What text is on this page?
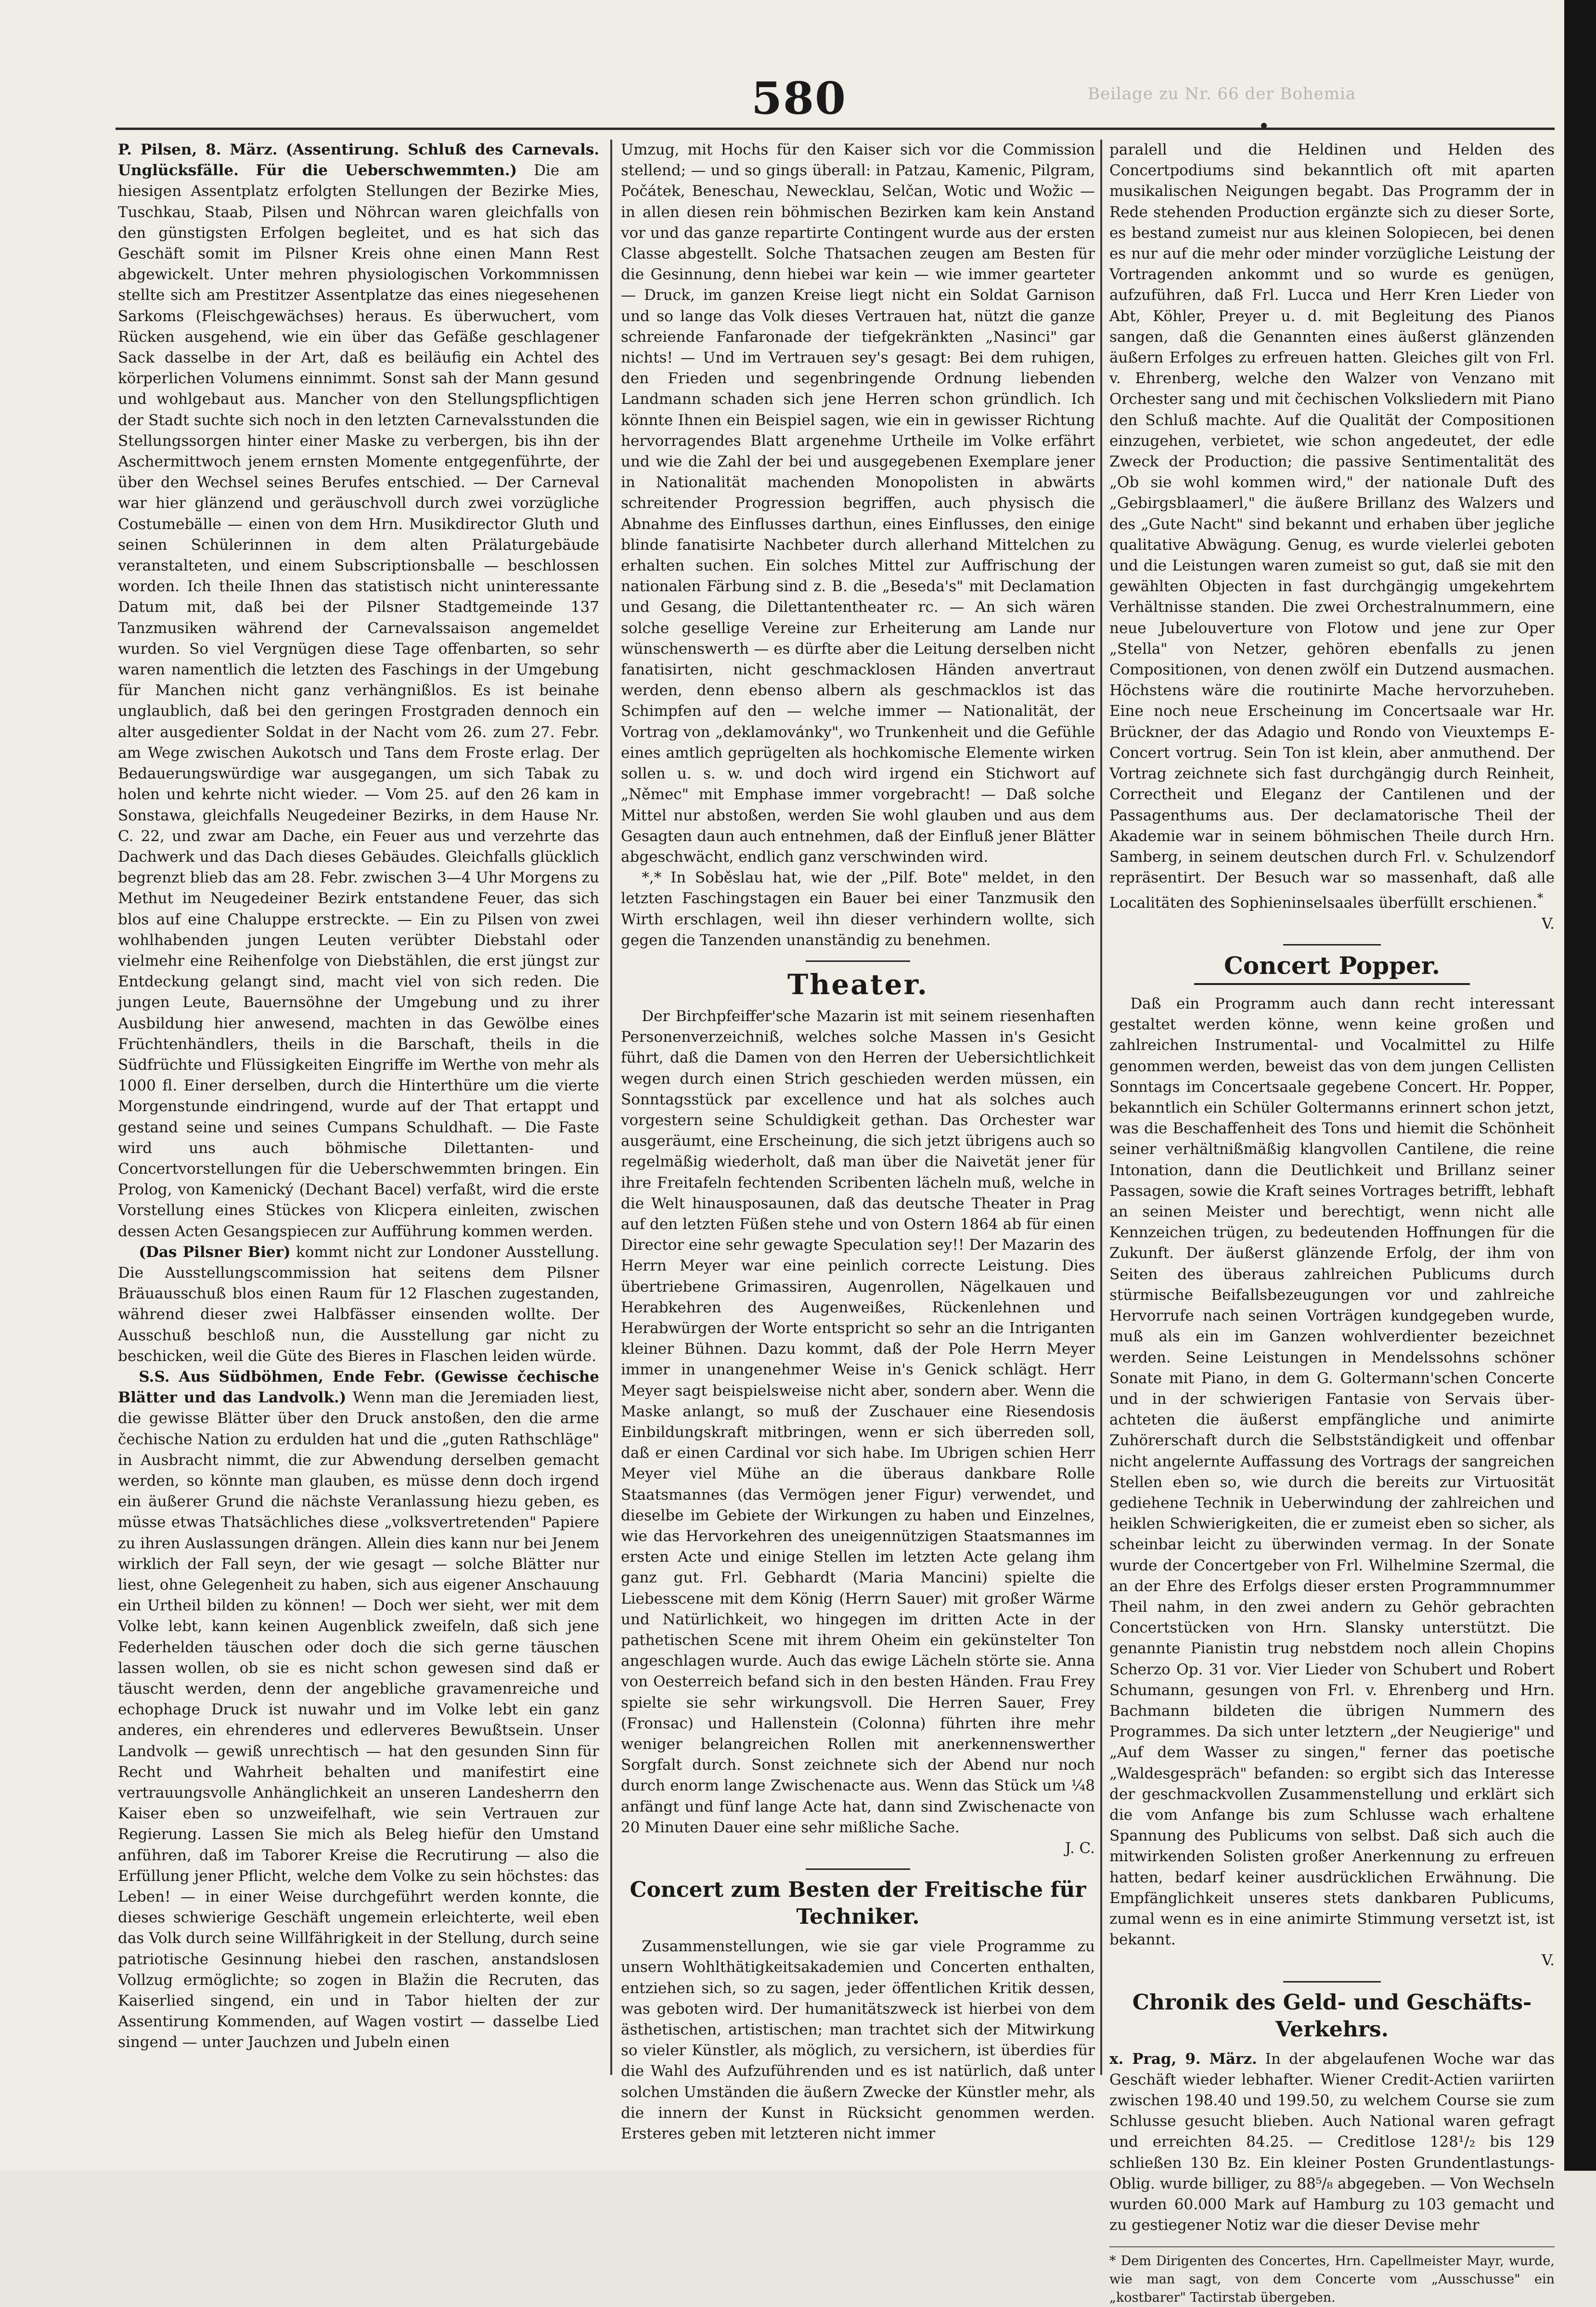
Beilage zu Nr. 66 der Bohemia
580

P. Pilsen, 8. März. (Assentirung. Schluß des Carnevals. Unglücksfälle. Für die Ueberschwemmten.) Die am hiesigen Assentplatz erfolgten Stellungen der Bezirke Mies, Tuschkau, Staab, Pilsen und Nöhrcan waren gleichfalls von den günstigsten Erfolgen begleitet, und es hat sich das Geschäft somit im Pilsner Kreis ohne einen Mann Rest abgewickelt. Unter mehren physiologischen Vorkommnissen stellte sich am Prestitzer Assentplatze das eines niegesehenen Sarkoms (Fleischgewächses) heraus. Es überwuchert, vom Rücken ausgehend, wie ein über das Gefäße geschlagener Sack dasselbe in der Art, daß es beiläufig ein Achtel des körperlichen Volumens einnimmt. Sonst sah der Mann gesund und wohlgebaut aus. Mancher von den Stellungspflichtigen der Stadt suchte sich noch in den letzten Carnevalsstunden die Stellungssorgen hinter einer Maske zu verbergen, bis ihn der Aschermittwoch jenem ernsten Momente entgegenführte, der über den Wechsel seines Berufes entschied. — Der Carneval war hier glänzend und geräuschvoll durch zwei vorzügliche Costumebälle — einen von dem Hrn. Musikdirector Gluth und seinen Schülerinnen in dem alten Prälaturgebäude veranstalteten, und einem Subscriptionsballe — beschlossen worden. Ich theile Ihnen das statistisch nicht uninteressante Datum mit, daß bei der Pilsner Stadtgemeinde 137 Tanzmusiken während der Carnevalssaison angemeldet wurden. So viel Vergnügen diese Tage offenbarten, so sehr waren namentlich die letzten des Faschings in der Umgebung für Manchen nicht ganz verhängnißlos. Es ist beinahe unglaublich, daß bei den geringen Frostgraden dennoch ein alter ausgedienter Soldat in der Nacht vom 26. zum 27. Febr. am Wege zwischen Aukotsch und Tans dem Froste erlag. Der Bedauerungswürdige war ausgegangen, um sich Tabak zu holen und kehrte nicht wieder. — Vom 25. auf den 26 kam in Sonstawa, gleichfalls Neugedeiner Bezirks, in dem Hause Nr. C. 22, und zwar am Dache, ein Feuer aus und verzehrte das Dachwerk und das Dach dieses Gebäudes. Gleichfalls glücklich begrenzt blieb das am 28. Febr. zwischen 3—4 Uhr Morgens zu Methut im Neugedeiner Bezirk entstandene Feuer, das sich blos auf eine Chaluppe erstreckte. — Ein zu Pilsen von zwei wohlhabenden jungen Leuten verübter Diebstahl oder vielmehr eine Reihenfolge von Diebstählen, die erst jüngst zur Entdeckung gelangt sind, macht viel von sich reden. Die jungen Leute, Bauernsöhne der Umgebung und zu ihrer Ausbildung hier anwesend, machten in das Gewölbe eines Früchtenhändlers, theils in die Barschaft, theils in die Südfrüchte und Flüssigkeiten Eingriffe im Werthe von mehr als 1000 fl. Einer derselben, durch die Hinterthüre um die vierte Morgenstunde eindringend, wurde auf der That ertappt und gestand seine und seines Cumpans Schuldhaft. — Die Faste wird uns auch böhmische Dilettanten- und Concertvorstellungen für die Ueberschwemmten bringen. Ein Prolog, von Kamenický (Dechant Bacel) verfaßt, wird die erste Vorstellung eines Stückes von Klicpera einleiten, zwischen dessen Acten Gesangspiecen zur Aufführung kommen werden.

(Das Pilsner Bier) kommt nicht zur Londoner Ausstellung. Die Ausstellungscommission hat seitens dem Pilsner Bräuausschuß blos einen Raum für 12 Flaschen zugestanden, während dieser zwei Halbfässer einsenden wollte. Der Ausschuß beschloß nun, die Ausstellung gar nicht zu beschicken, weil die Güte des Bieres in Flaschen leiden würde.

S.S. Aus Südböhmen, Ende Febr. (Gewisse čechische Blätter und das Landvolk.) Wenn man die Jeremiaden liest, die gewisse Blätter über den Druck anstoßen, den die arme čechische Nation zu erdulden hat und die „guten Rathschläge" in Ausbracht nimmt, die zur Abwendung derselben gemacht werden, so könnte man glauben, es müsse denn doch irgend ein äußerer Grund die nächste Veranlassung hiezu geben, es müsse etwas Thatsächliches diese „volksvertretenden" Papiere zu ihren Auslassungen drängen. Allein dies kann nur bei Jenem wirklich der Fall seyn, der wie gesagt — solche Blätter nur liest, ohne Gelegenheit zu haben, sich aus eigener Anschauung ein Urtheil bilden zu können! — Doch wer sieht, wer mit dem Volke lebt, kann keinen Augenblick zweifeln, daß sich jene Federhelden täuschen oder doch die sich gerne täuschen lassen wollen, ob sie es nicht schon gewesen sind daß er täuscht werden, denn der angebliche gravamenreiche und echophage Druck ist nuwahr und im Volke lebt ein ganz anderes, ein ehrenderes und edlerveres Bewußtsein. Unser Landvolk — gewiß unrechtisch — hat den gesunden Sinn für Recht und Wahrheit behalten und manifestirt eine vertrauungsvolle Anhänglichkeit an unseren Landesherrn den Kaiser eben so unzweifelhaft, wie sein Vertrauen zur Regierung. Lassen Sie mich als Beleg hiefür den Umstand anführen, daß im Taborer Kreise die Recrutirung — also die Erfüllung jener Pflicht, welche dem Volke zu sein höchstes: das Leben! — in einer Weise durchgeführt werden konnte, die dieses schwierige Geschäft ungemein erleichterte, weil eben das Volk durch seine Willfährigkeit in der Stellung, durch seine patriotische Gesinnung hiebei den raschen, anstandslosen Vollzug ermöglichte; so zogen in Blažin die Recruten, das Kaiserlied singend, ein und in Tabor hielten der zur Assentirung Kommenden, auf Wagen vostirt — dasselbe Lied singend — unter Jauchzen und Jubeln einen

Umzug, mit Hochs für den Kaiser sich vor die Commission stellend; — und so gings überall: in Patzau, Kamenic, Pilgram, Počátek, Beneschau, Newecklau, Selčan, Wotic und Wožic — in allen diesen rein böhmischen Bezirken kam kein Anstand vor und das ganze repartirte Contingent wurde aus der ersten Classe abgestellt. Solche Thatsachen zeugen am Besten für die Gesinnung, denn hiebei war kein — wie immer gearteter — Druck, im ganzen Kreise liegt nicht ein Soldat Garnison und so lange das Volk dieses Vertrauen hat, nützt die ganze schreiende Fanfaronade der tiefgekränkten „Nasinci" gar nichts! — Und im Vertrauen sey's gesagt: Bei dem ruhigen, den Frieden und segenbringende Ordnung liebenden Landmann schaden sich jene Herren schon gründlich. Ich könnte Ihnen ein Beispiel sagen, wie ein in gewisser Richtung hervorragendes Blatt argenehme Urtheile im Volke erfährt und wie die Zahl der bei und ausgegebenen Exemplare jener in Nationalität machenden Monopolisten in abwärts schreitender Progression begriffen, auch physisch die Abnahme des Einflusses darthun, eines Einflusses, den einige blinde fanatisirte Nachbeter durch allerhand Mittelchen zu erhalten suchen. Ein solches Mittel zur Auffrischung der nationalen Färbung sind z. B. die „Beseda's" mit Declamation und Gesang, die Dilettantentheater rc. — An sich wären solche gesellige Vereine zur Erheiterung am Lande nur wünschenswerth — es dürfte aber die Leitung derselben nicht fanatisirten, nicht geschmacklosen Händen anvertraut werden, denn ebenso albern als geschmacklos ist das Schimpfen auf den — welche immer — Nationalität, der Vortrag von „deklamovánky", wo Trunkenheit und die Gefühle eines amtlich geprügelten als hochkomische Elemente wirken sollen u. s. w. und doch wird irgend ein Stichwort auf „Němec" mit Emphase immer vorgebracht! — Daß solche Mittel nur abstoßen, werden Sie wohl glauben und aus dem Gesagten daun auch entnehmen, daß der Einfluß jener Blätter abgeschwächt, endlich ganz verschwinden wird.

*,* In Soběslau hat, wie der „Pilf. Bote" meldet, in den letzten Faschingstagen ein Bauer bei einer Tanzmusik den Wirth erschlagen, weil ihn dieser verhindern wollte, sich gegen die Tanzenden unanständig zu benehmen.

Theater.

Der Birchpfeiffer'sche Mazarin ist mit seinem riesenhaften Personenverzeichniß, welches solche Massen in's Gesicht führt, daß die Damen von den Herren der Uebersichtlichkeit wegen durch einen Strich geschieden werden müssen, ein Sonntagsstück par excellence und hat als solches auch vorgestern seine Schuldigkeit gethan. Das Orchester war ausgeräumt, eine Erscheinung, die sich jetzt übrigens auch so regelmäßig wiederholt, daß man über die Naivetät jener für ihre Freitafeln fechtenden Scribenten lächeln muß, welche in die Welt hinausposaunen, daß das deutsche Theater in Prag auf den letzten Füßen stehe und von Ostern 1864 ab für einen Director eine sehr gewagte Speculation sey!! Der Mazarin des Herrn Meyer war eine peinlich correcte Leistung. Dies übertriebene Grimassiren, Augenrollen, Nägelkauen und Herabkehren des Augenweißes, Rückenlehnen und Herabwürgen der Worte entspricht so sehr an die Intriganten kleiner Bühnen. Dazu kommt, daß der Pole Herrn Meyer immer in unangenehmer Weise in's Genick schlägt. Herr Meyer sagt beispielsweise nicht aber, sondern aber. Wenn die Maske anlangt, so muß der Zuschauer eine Riesendosis Einbildungskraft mitbringen, wenn er sich überreden soll, daß er einen Cardinal vor sich habe. Im Ubrigen schien Herr Meyer viel Mühe an die überaus dankbare Rolle Staatsmannes (das Vermögen jener Figur) verwendet, und dieselbe im Gebiete der Wirkungen zu haben und Einzelnes, wie das Hervorkehren des uneigennützigen Staatsmannes im ersten Acte und einige Stellen im letzten Acte gelang ihm ganz gut. Frl. Gebhardt (Maria Mancini) spielte die Liebesscene mit dem König (Herrn Sauer) mit großer Wärme und Natürlichkeit, wo hingegen im dritten Acte in der pathetischen Scene mit ihrem Oheim ein gekünstelter Ton angeschlagen wurde. Auch das ewige Lächeln störte sie. Anna von Oesterreich befand sich in den besten Händen. Frau Frey spielte sie sehr wirkungsvoll. Die Herren Sauer, Frey (Fronsac) und Hallenstein (Colonna) führten ihre mehr weniger belangreichen Rollen mit anerkennenswerther Sorgfalt durch. Sonst zeichnete sich der Abend nur noch durch enorm lange Zwischenacte aus. Wenn das Stück um ¼8 anfängt und fünf lange Acte hat, dann sind Zwischenacte von 20 Minuten Dauer eine sehr mißliche Sache.

J. C.
Concert zum Besten der Freitische für Techniker.

Zusammenstellungen, wie sie gar viele Programme zu unsern Wohlthätigkeitsakademien und Concerten enthalten, entziehen sich, so zu sagen, jeder öffentlichen Kritik dessen, was geboten wird. Der humanitätszweck ist hierbei von dem ästhetischen, artistischen; man trachtet sich der Mitwirkung so vieler Künstler, als möglich, zu versichern, ist überdies für die Wahl des Aufzuführenden und es ist natürlich, daß unter solchen Umständen die äußern Zwecke der Künstler mehr, als die innern der Kunst in Rücksicht genommen werden. Ersteres geben mit letzteren nicht immer

paralell und die Heldinen und Helden des Concertpodiums sind bekanntlich oft mit aparten musikalischen Neigungen begabt. Das Programm der in Rede stehenden Production ergänzte sich zu dieser Sorte, es bestand zumeist nur aus kleinen Solopiecen, bei denen es nur auf die mehr oder minder vorzügliche Leistung der Vortragenden ankommt und so wurde es genügen, aufzuführen, daß Frl. Lucca und Herr Kren Lieder von Abt, Köhler, Preyer u. d. mit Begleitung des Pianos sangen, daß die Genannten eines äußerst glänzenden äußern Erfolges zu erfreuen hatten. Gleiches gilt von Frl. v. Ehrenberg, welche den Walzer von Venzano mit Orchester sang und mit čechischen Volksliedern mit Piano den Schluß machte. Auf die Qualität der Compositionen einzugehen, verbietet, wie schon angedeutet, der edle Zweck der Production; die passive Sentimentalität des „Ob sie wohl kommen wird," der nationale Duft des „Gebirgsblaamerl," die äußere Brillanz des Walzers und des „Gute Nacht" sind bekannt und erhaben über jegliche qualitative Abwägung. Genug, es wurde vielerlei geboten und die Leistungen waren zumeist so gut, daß sie mit den gewählten Objecten in fast durchgängig umgekehrtem Verhältnisse standen. Die zwei Orchestralnummern, eine neue Jubelouverture von Flotow und jene zur Oper „Stella" von Netzer, gehören ebenfalls zu jenen Compositionen, von denen zwölf ein Dutzend ausmachen. Höchstens wäre die routinirte Mache hervorzuheben. Eine noch neue Erscheinung im Concertsaale war Hr. Brückner, der das Adagio und Rondo von Vieuxtemps E-Concert vortrug. Sein Ton ist klein, aber anmuthend. Der Vortrag zeichnete sich fast durchgängig durch Reinheit, Correctheit und Eleganz der Cantilenen und der Passagenthums aus. Der declamatorische Theil der Akademie war in seinem böhmischen Theile durch Hrn. Samberg, in seinem deutschen durch Frl. v. Schulzendorf repräsentirt. Der Besuch war so massenhaft, daß alle Localitäten des Sophieninselsaales überfüllt erschienen.*

V.
Concert Popper.

Daß ein Programm auch dann recht interessant gestaltet werden könne, wenn keine großen und zahlreichen Instrumental- und Vocalmittel zu Hilfe genommen werden, beweist das von dem jungen Cellisten Sonntags im Concertsaale gegebene Concert. Hr. Popper, bekanntlich ein Schüler Goltermanns erinnert schon jetzt, was die Beschaffenheit des Tons und hiemit die Schönheit seiner verhältnißmäßig klangvollen Cantilene, die reine Intonation, dann die Deutlichkeit und Brillanz seiner Passagen, sowie die Kraft seines Vortrages betrifft, lebhaft an seinen Meister und berechtigt, wenn nicht alle Kennzeichen trügen, zu bedeutenden Hoffnungen für die Zukunft. Der äußerst glänzende Erfolg, der ihm von Seiten des überaus zahlreichen Publicums durch stürmische Beifallsbezeugungen vor und zahlreiche Hervorrufe nach seinen Vorträgen kundgegeben wurde, muß als ein im Ganzen wohlverdienter bezeichnet werden. Seine Leistungen in Mendelssohns schöner Sonate mit Piano, in dem G. Goltermann'schen Concerte und in der schwierigen Fantasie von Servais über-achteten die äußerst empfängliche und animirte Zuhörerschaft durch die Selbstständigkeit und offenbar nicht angelernte Auffassung des Vortrags der sangreichen Stellen eben so, wie durch die bereits zur Virtuosität gediehene Technik in Ueberwindung der zahlreichen und heiklen Schwierigkeiten, die er zumeist eben so sicher, als scheinbar leicht zu überwinden vermag. In der Sonate wurde der Concertgeber von Frl. Wilhelmine Szermal, die an der Ehre des Erfolgs dieser ersten Programmnummer Theil nahm, in den zwei andern zu Gehör gebrachten Concertstücken von Hrn. Slansky unterstützt. Die genannte Pianistin trug nebstdem noch allein Chopins Scherzo Op. 31 vor. Vier Lieder von Schubert und Robert Schumann, gesungen von Frl. v. Ehrenberg und Hrn. Bachmann bildeten die übrigen Nummern des Programmes. Da sich unter letztern „der Neugierige" und „Auf dem Wasser zu singen," ferner das poetische „Waldesgespräch" befanden: so ergibt sich das Interesse der geschmackvollen Zusammenstellung und erklärt sich die vom Anfange bis zum Schlusse wach erhaltene Spannung des Publicums von selbst. Daß sich auch die mitwirkenden Solisten großer Anerkennung zu erfreuen hatten, bedarf keiner ausdrücklichen Erwähnung. Die Empfänglichkeit unseres stets dankbaren Publicums, zumal wenn es in eine animirte Stimmung versetzt ist, ist bekannt.

V.
Chronik des Geld- und Geschäfts-Verkehrs.

x. Prag, 9. März. In der abgelaufenen Woche war das Geschäft wieder lebhafter. Wiener Credit-Actien variirten zwischen 198.40 und 199.50, zu welchem Course sie zum Schlusse gesucht blieben. Auch National waren gefragt und erreichten 84.25. — Creditlose 128¹/₂ bis 129 schließen 130 Bz. Ein kleiner Posten Grundentlastungs-Oblig. wurde billiger, zu 88⁵/₈ abgegeben. — Von Wechseln wurden 60.000 Mark auf Hamburg zu 103 gemacht und zu gestiegener Notiz war die dieser Devise mehr

* Dem Dirigenten des Concertes, Hrn. Capellmeister Mayr, wurde, wie man sagt, von dem Concerte vom „Ausschusse" ein „kostbarer" Tactirstab übergeben.
